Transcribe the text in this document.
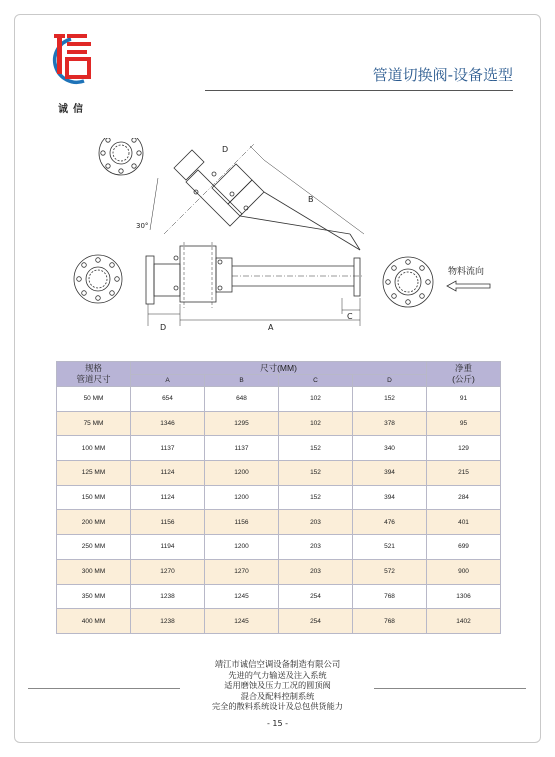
诚信
管道切换阀-设备选型
D
B
30°
D	A
C
物料流向
规格
管道尺寸	尺寸(MM)				净重
(公斤)
	A	B	C	D	
50 MM	654	648	102	152	91
75 MM	1346	1295	102	378	95
100 MM	1137	1137	152	340	129
125 MM	1124	1200	152	394	215
150 MM	1124	1200	152	394	284
200 MM	1156	1156	203	476	401
250 MM	1194	1200	203	521	699
300 MM	1270	1270	203	572	900
350 MM	1238	1245	254	768	1306
400 MM	1238	1245	254	768	1402
靖江市诚信空调设备制造有限公司
先进的气力输送及注入系统
适用磨蚀及压力工况的圆顶阀
混合及配料控制系统
完全的散料系统设计及总包供货能力
- 15 -
